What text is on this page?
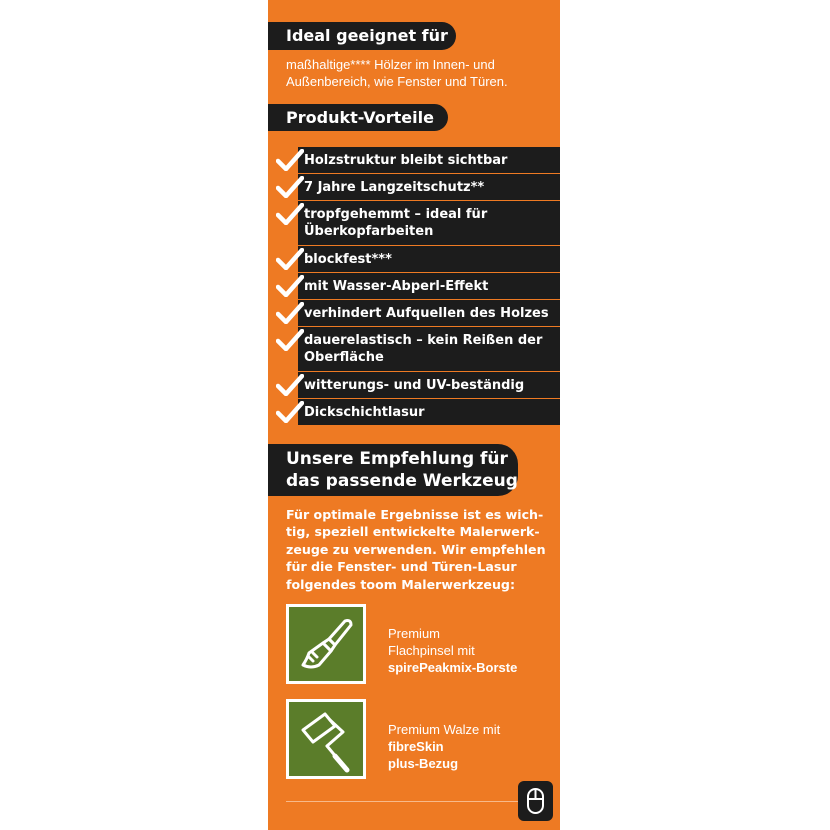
Ideal geeignet für
maßhaltige**** Hölzer im Innen- und Außenbereich, wie Fenster und Türen.
Produkt-Vorteile
Holzstruktur bleibt sichtbar
7 Jahre Langzeitschutz**
tropfgehemmt – ideal für Überkopfarbeiten
blockfest***
mit Wasser-Abperl-Effekt
verhindert Aufquellen des Holzes
dauerelastisch – kein Reißen der Oberfläche
witterungs- und UV-beständig
Dickschichtlasur
Unsere Empfehlung für
das passende Werkzeug
Für optimale Ergebnisse ist es wich-tig, speziell entwickelte Malerwerk-zeuge zu verwenden. Wir empfehlen für die Fenster- und Türen-Lasur folgendes toom Malerwerkzeug:
Premium
Flachpinsel mit
spirePeakmix-Borste
Premium Walze mit
fibreSkin
plus-Bezug
